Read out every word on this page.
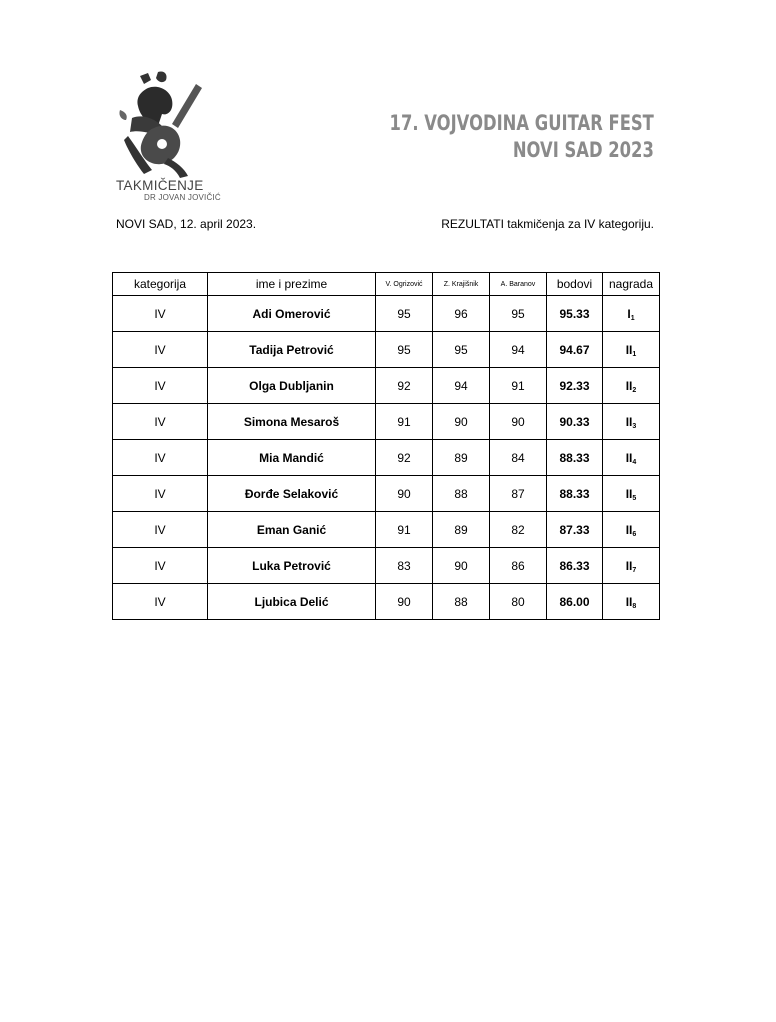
TAKMIČENJE
DR JOVAN JOVIČIĆ
17. VOJVODINA GUITAR FEST
NOVI SAD 2023
NOVI SAD, 12. april 2023.	REZULTATI takmičenja za IV kategoriju.
kategorija	ime i prezime	V. Ogrizović	Z. Krajišnik	A. Baranov	bodovi	nagrada
IV	Adi Omerović	95	96	95	95.33	$I_1$
IV	Tadija Petrović	95	95	94	94.67	$II_1$
IV	Olga Dubljanin	92	94	91	92.33	$II_2$
IV	Simona Mesaroš	91	90	90	90.33	$II_3$
IV	Mia Mandić	92	89	84	88.33	$II_4$
IV	Đorđe Selaković	90	88	87	88.33	$II_5$
IV	Eman Ganić	91	89	82	87.33	$II_6$
IV	Luka Petrović	83	90	86	86.33	$II_7$
IV	Ljubica Delić	90	88	80	86.00	$II_8$
